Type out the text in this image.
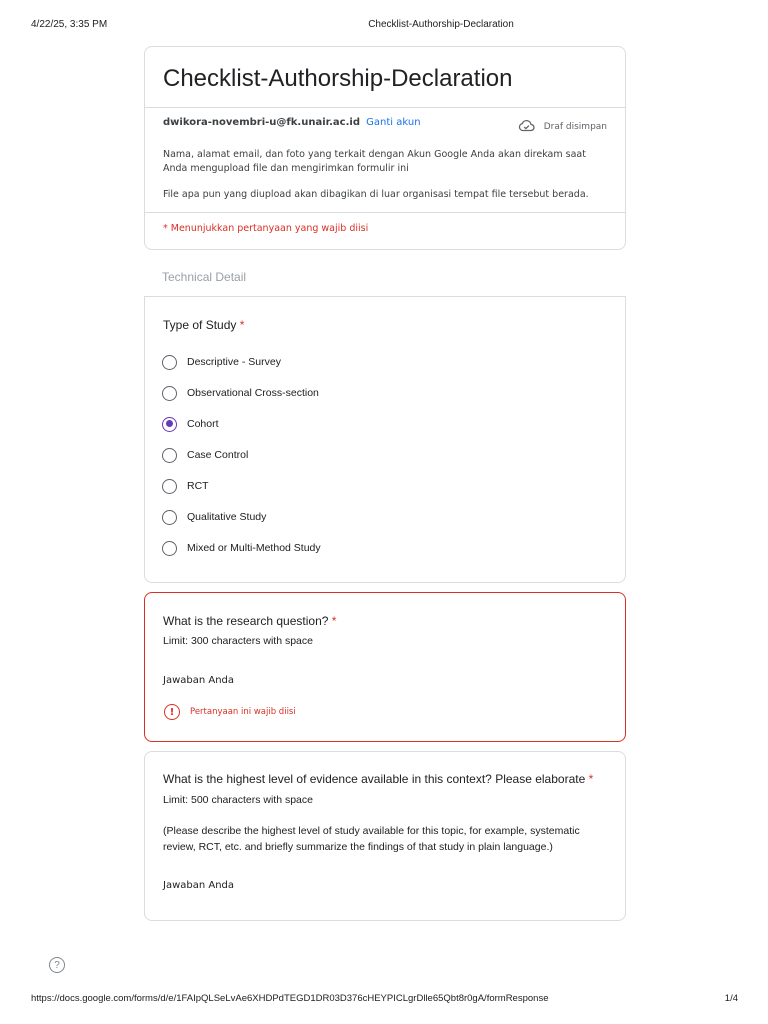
4/22/25, 3:35 PM	Checklist-Authorship-Declaration
Checklist-Authorship-Declaration
dwikora-novembri-u@fk.unair.ac.id Ganti akun	Draf disimpan
Nama, alamat email, dan foto yang terkait dengan Akun Google Anda akan direkam saat Anda mengupload file dan mengirimkan formulir ini
File apa pun yang diupload akan dibagikan di luar organisasi tempat file tersebut berada.
* Menunjukkan pertanyaan yang wajib diisi
Technical Detail
Type of Study *
Descriptive - Survey
Observational Cross-section
Cohort
Case Control
RCT
Qualitative Study
Mixed or Multi-Method Study
What is the research question? *
Limit: 300 characters with space
Jawaban Anda
!	Pertanyaan ini wajib diisi
What is the highest level of evidence available in this context? Please elaborate *
Limit: 500 characters with space
(Please describe the highest level of study available for this topic, for example, systematic review, RCT, etc. and briefly summarize the findings of that study in plain language.)
Jawaban Anda
?
https://docs.google.com/forms/d/e/1FAIpQLSeLvAe6XHDPdTEGD1DR03D376cHEYPICLgrDlle65Qbt8r0gA/formResponse	1/4
